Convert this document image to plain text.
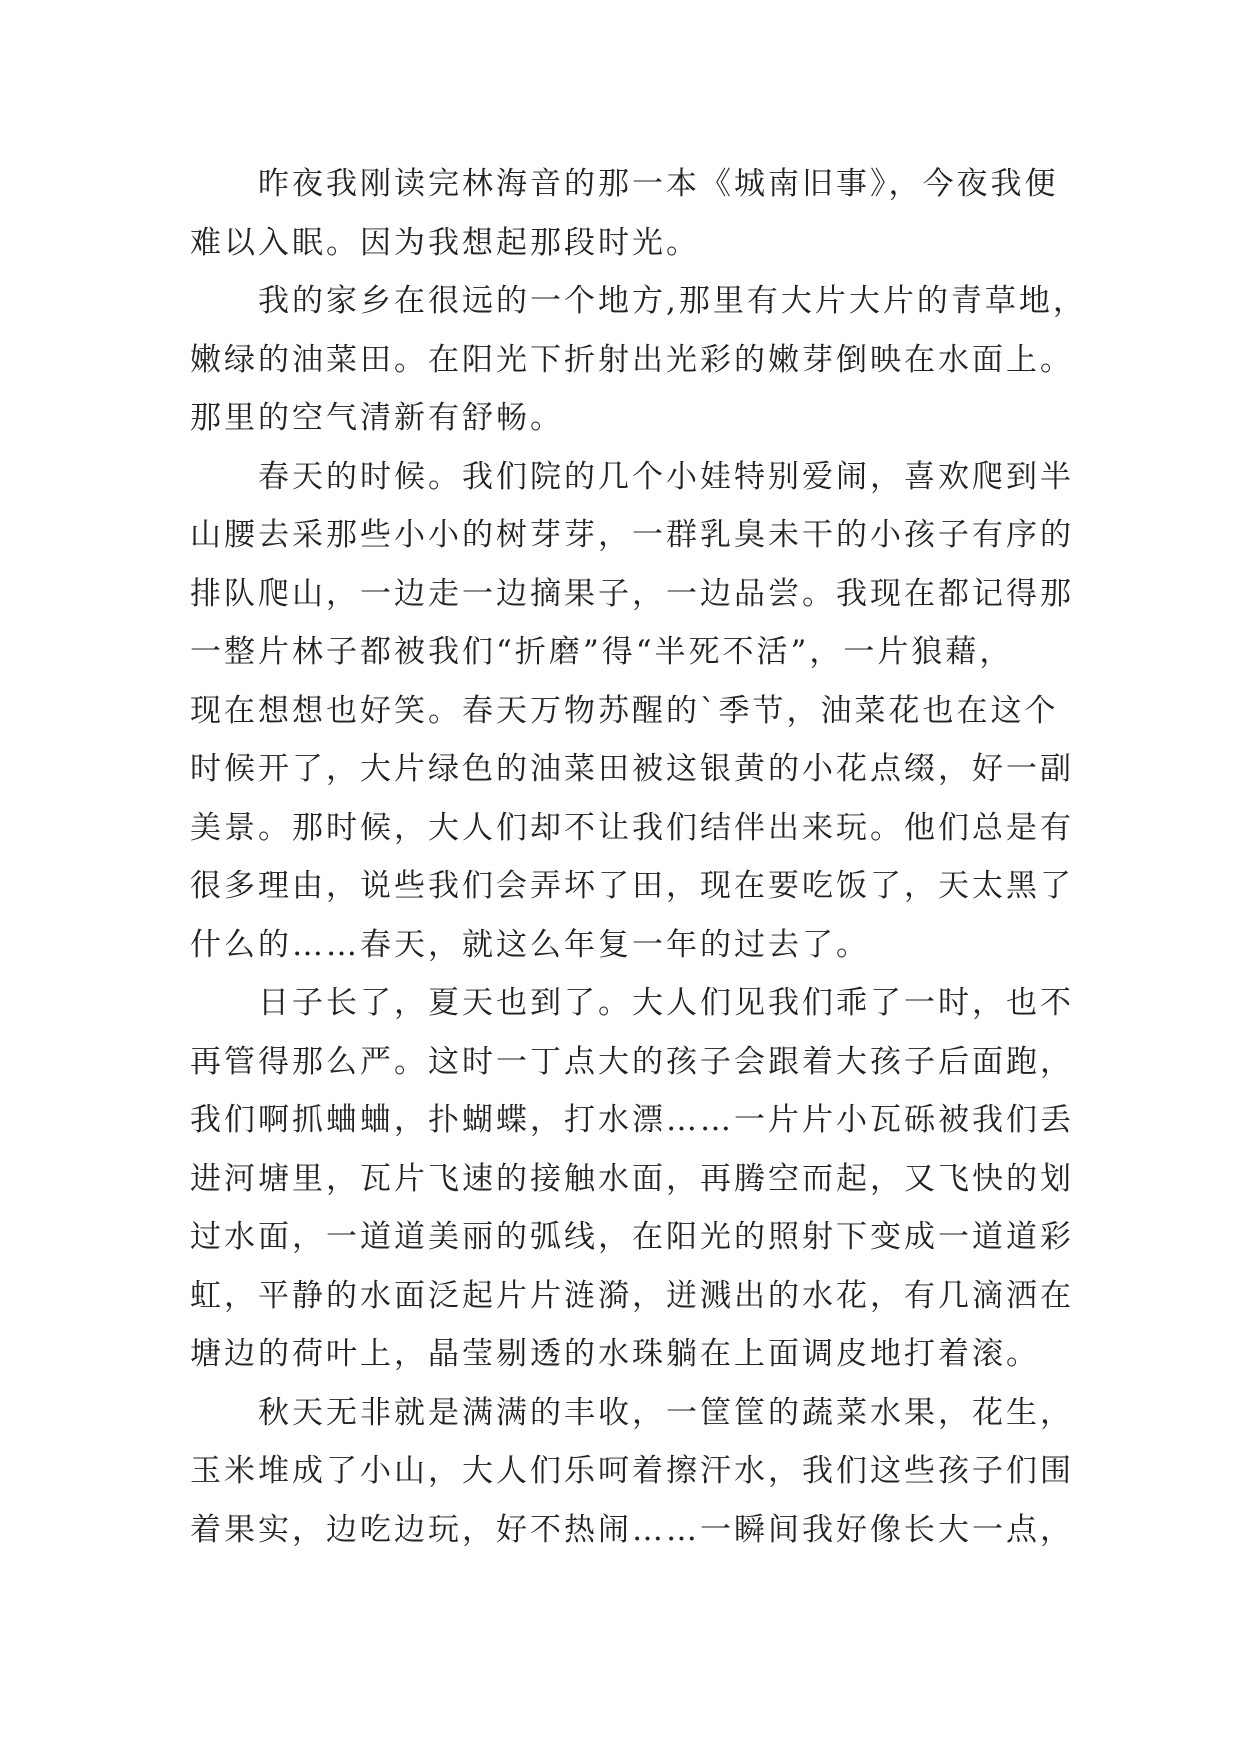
昨夜我刚读完林海音的那一本《城南旧事》，今夜我便
难以入眠。因为我想起那段时光。
我的家乡在很远的一个地方,那里有大片大片的青草地，
嫩绿的油菜田。在阳光下折射出光彩的嫩芽倒映在水面上。
那里的空气清新有舒畅。
春天的时候。我们院的几个小娃特别爱闹，喜欢爬到半
山腰去采那些小小的树芽芽，一群乳臭未干的小孩子有序的
排队爬山，一边走一边摘果子，一边品尝。我现在都记得那
一整片林子都被我们“折磨”得“半死不活”，一片狼藉，
现在想想也好笑。春天万物苏醒的`季节，油菜花也在这个
时候开了，大片绿色的油菜田被这银黄的小花点缀，好一副
美景。那时候，大人们却不让我们结伴出来玩。他们总是有
很多理由，说些我们会弄坏了田，现在要吃饭了，天太黑了
什么的……春天，就这么年复一年的过去了。
日子长了，夏天也到了。大人们见我们乖了一时，也不
再管得那么严。这时一丁点大的孩子会跟着大孩子后面跑，
我们啊抓蛐蛐，扑蝴蝶，打水漂……一片片小瓦砾被我们丢
进河塘里，瓦片飞速的接触水面，再腾空而起，又飞快的划
过水面，一道道美丽的弧线，在阳光的照射下变成一道道彩
虹，平静的水面泛起片片涟漪，迸溅出的水花，有几滴洒在
塘边的荷叶上，晶莹剔透的水珠躺在上面调皮地打着滚。
秋天无非就是满满的丰收，一筐筐的蔬菜水果，花生，
玉米堆成了小山，大人们乐呵着擦汗水，我们这些孩子们围
着果实，边吃边玩，好不热闹……一瞬间我好像长大一点，
